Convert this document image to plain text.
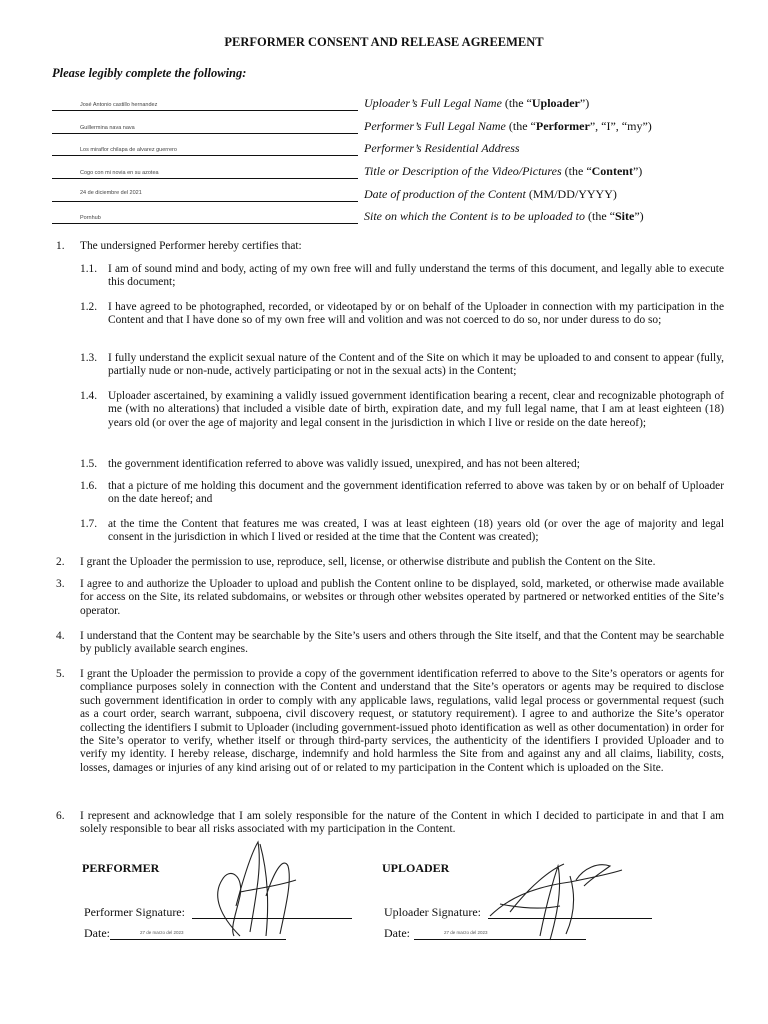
PERFORMER CONSENT AND RELEASE AGREEMENT
Please legibly complete the following:
José Antonio castillo hernandez	Uploader’s Full Legal Name (the “Uploader”)
Guillermina nava nava	Performer’s Full Legal Name (the “Performer”, “I”, “my”)
Los miraflor chilapa de alvarez guerrero	Performer’s Residential Address
Cogo con mi novia en su azotea	Title or Description of the Video/Pictures (the “Content”)
24 de diciembre del 2021	Date of production of the Content (MM/DD/YYYY)
Pornhub	Site on which the Content is to be uploaded to (the “Site”)
1. The undersigned Performer hereby certifies that:
1.1. I am of sound mind and body, acting of my own free will and fully understand the terms of this document, and legally able to execute this document;
1.2. I have agreed to be photographed, recorded, or videotaped by or on behalf of the Uploader in connection with my participation in the Content and that I have done so of my own free will and volition and was not coerced to do so, nor under duress to do so;
1.3. I fully understand the explicit sexual nature of the Content and of the Site on which it may be uploaded to and consent to appear (fully, partially nude or non-nude, actively participating or not in the sexual acts) in the Content;
1.4. Uploader ascertained, by examining a validly issued government identification bearing a recent, clear and recognizable photograph of me (with no alterations) that included a visible date of birth, expiration date, and my full legal name, that I am at least eighteen (18) years old (or over the age of majority and legal consent in the jurisdiction in which I live or reside on the date hereof);
1.5. the government identification referred to above was validly issued, unexpired, and has not been altered;
1.6. that a picture of me holding this document and the government identification referred to above was taken by or on behalf of Uploader on the date hereof; and
1.7. at the time the Content that features me was created, I was at least eighteen (18) years old (or over the age of majority and legal consent in the jurisdiction in which I lived or resided at the time that the Content was created);
2. I grant the Uploader the permission to use, reproduce, sell, license, or otherwise distribute and publish the Content on the Site.
3. I agree to and authorize the Uploader to upload and publish the Content online to be displayed, sold, marketed, or otherwise made available for access on the Site, its related subdomains, or websites or through other websites operated by partnered or networked entities of the Site’s operator.
4. I understand that the Content may be searchable by the Site’s users and others through the Site itself, and that the Content may be searchable by publicly available search engines.
5. I grant the Uploader the permission to provide a copy of the government identification referred to above to the Site’s operators or agents for compliance purposes solely in connection with the Content and understand that the Site’s operators or agents may be required to disclose such government identification in order to comply with any applicable laws, regulations, valid legal process or governmental request (such as a court order, search warrant, subpoena, civil discovery request, or statutory requirement). I agree to and authorize the Site’s operator collecting the identifiers I submit to Uploader (including government-issued photo identification as well as other documentation) in order for the Site’s operator to verify, whether itself or through third-party services, the authenticity of the identifiers I provided Uploader and to verify my identity. I hereby release, discharge, indemnify and hold harmless the Site from and against any and all claims, liability, costs, losses, damages or injuries of any kind arising out of or related to my participation in the Content which is uploaded on the Site.
6. I represent and acknowledge that I am solely responsible for the nature of the Content in which I decided to participate in and that I am solely responsible to bear all risks associated with my participation in the Content.
PERFORMER	UPLOADER
Performer Signature:
Date:	27 de marzo del 2023
Uploader Signature:
Date:	27 de marzo del 2023
